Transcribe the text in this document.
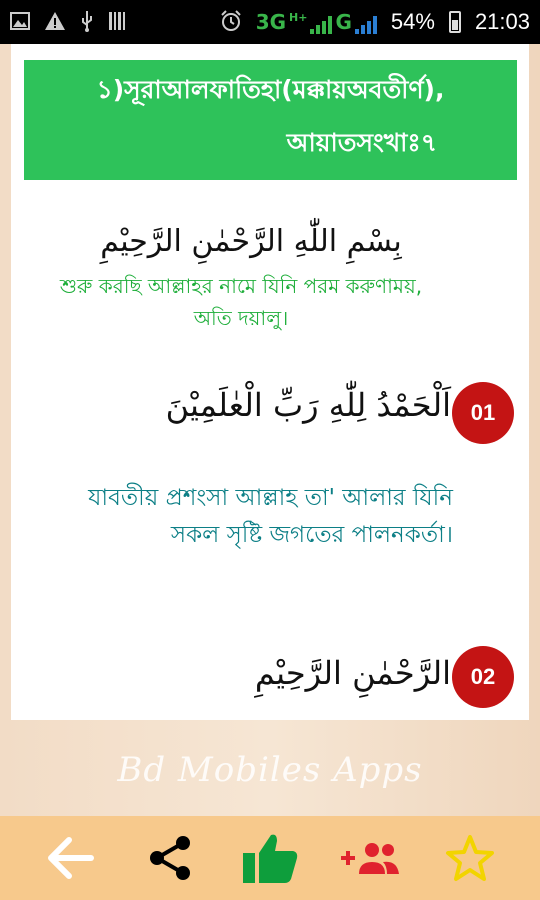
3G H+ G 54% 21:03
১)সূরাআলফাতিহা(মক্কায়অবতীর্ণ),
আয়াতসংখাঃ৭
بِسْمِ اللّٰهِ الرَّحْمٰنِ الرَّحِيْمِ
শুরু করছি আল্লাহর নামে যিনি পরম করুণাময়, অতি দয়ালু।
اَلْحَمْدُ لِلّٰهِ رَبِّ الْعٰلَمِيْنَ 01
যাবতীয় প্রশংসা আল্লাহ তা' আলার যিনি সকল সৃষ্টি জগতের পালনকর্তা।
الرَّحْمٰنِ الرَّحِيْمِ 02
Bd Mobiles Apps
